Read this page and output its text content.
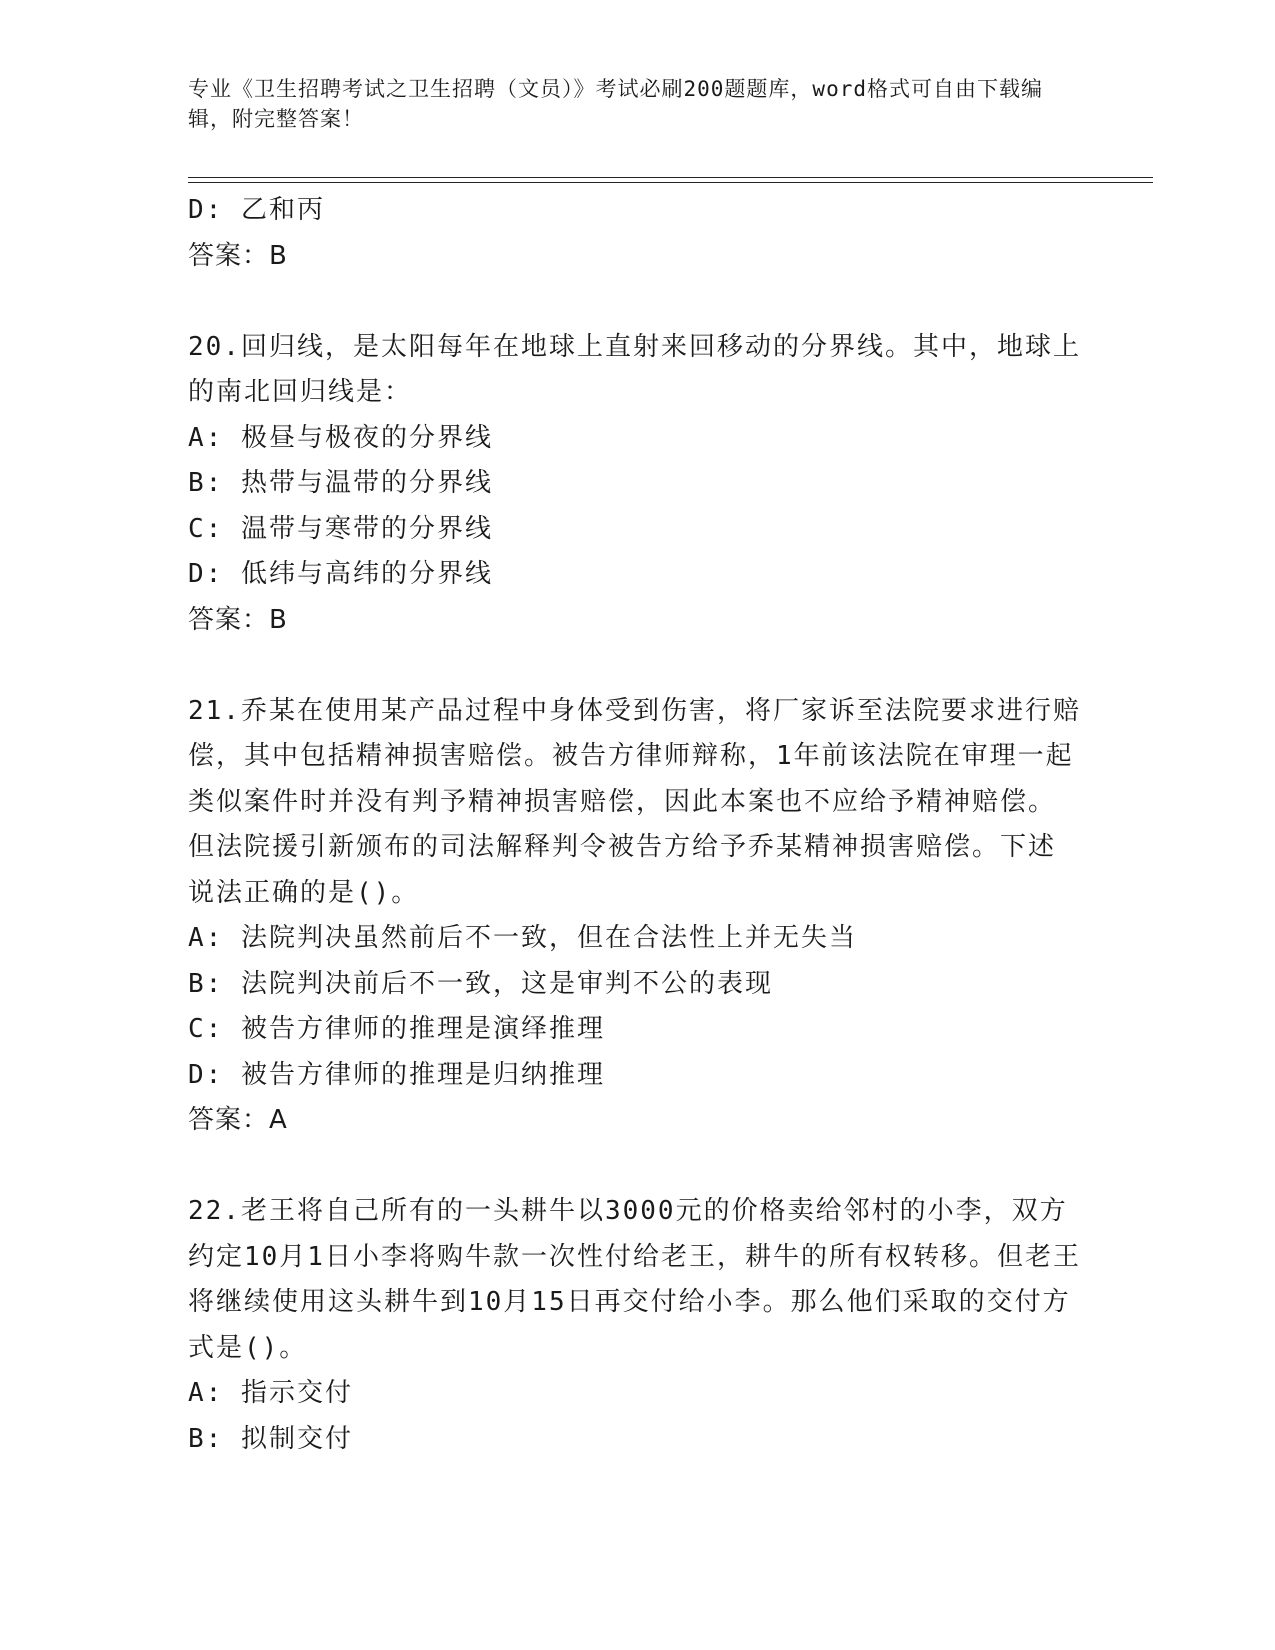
专业《卫生招聘考试之卫生招聘（文员）》考试必刷200题题库，word格式可自由下载编辑，附完整答案！
D: 乙和丙
答案：B
20.回归线，是太阳每年在地球上直射来回移动的分界线。其中，地球上的南北回归线是：
A: 极昼与极夜的分界线
B: 热带与温带的分界线
C: 温带与寒带的分界线
D: 低纬与高纬的分界线
答案：B
21.乔某在使用某产品过程中身体受到伤害，将厂家诉至法院要求进行赔偿，其中包括精神损害赔偿。被告方律师辩称，1年前该法院在审理一起类似案件时并没有判予精神损害赔偿，因此本案也不应给予精神赔偿。但法院援引新颁布的司法解释判令被告方给予乔某精神损害赔偿。下述说法正确的是()。
A: 法院判决虽然前后不一致，但在合法性上并无失当
B: 法院判决前后不一致，这是审判不公的表现
C: 被告方律师的推理是演绎推理
D: 被告方律师的推理是归纳推理
答案：A
22.老王将自己所有的一头耕牛以3000元的价格卖给邻村的小李，双方约定10月1日小李将购牛款一次性付给老王，耕牛的所有权转移。但老王将继续使用这头耕牛到10月15日再交付给小李。那么他们采取的交付方式是()。
A: 指示交付
B: 拟制交付
